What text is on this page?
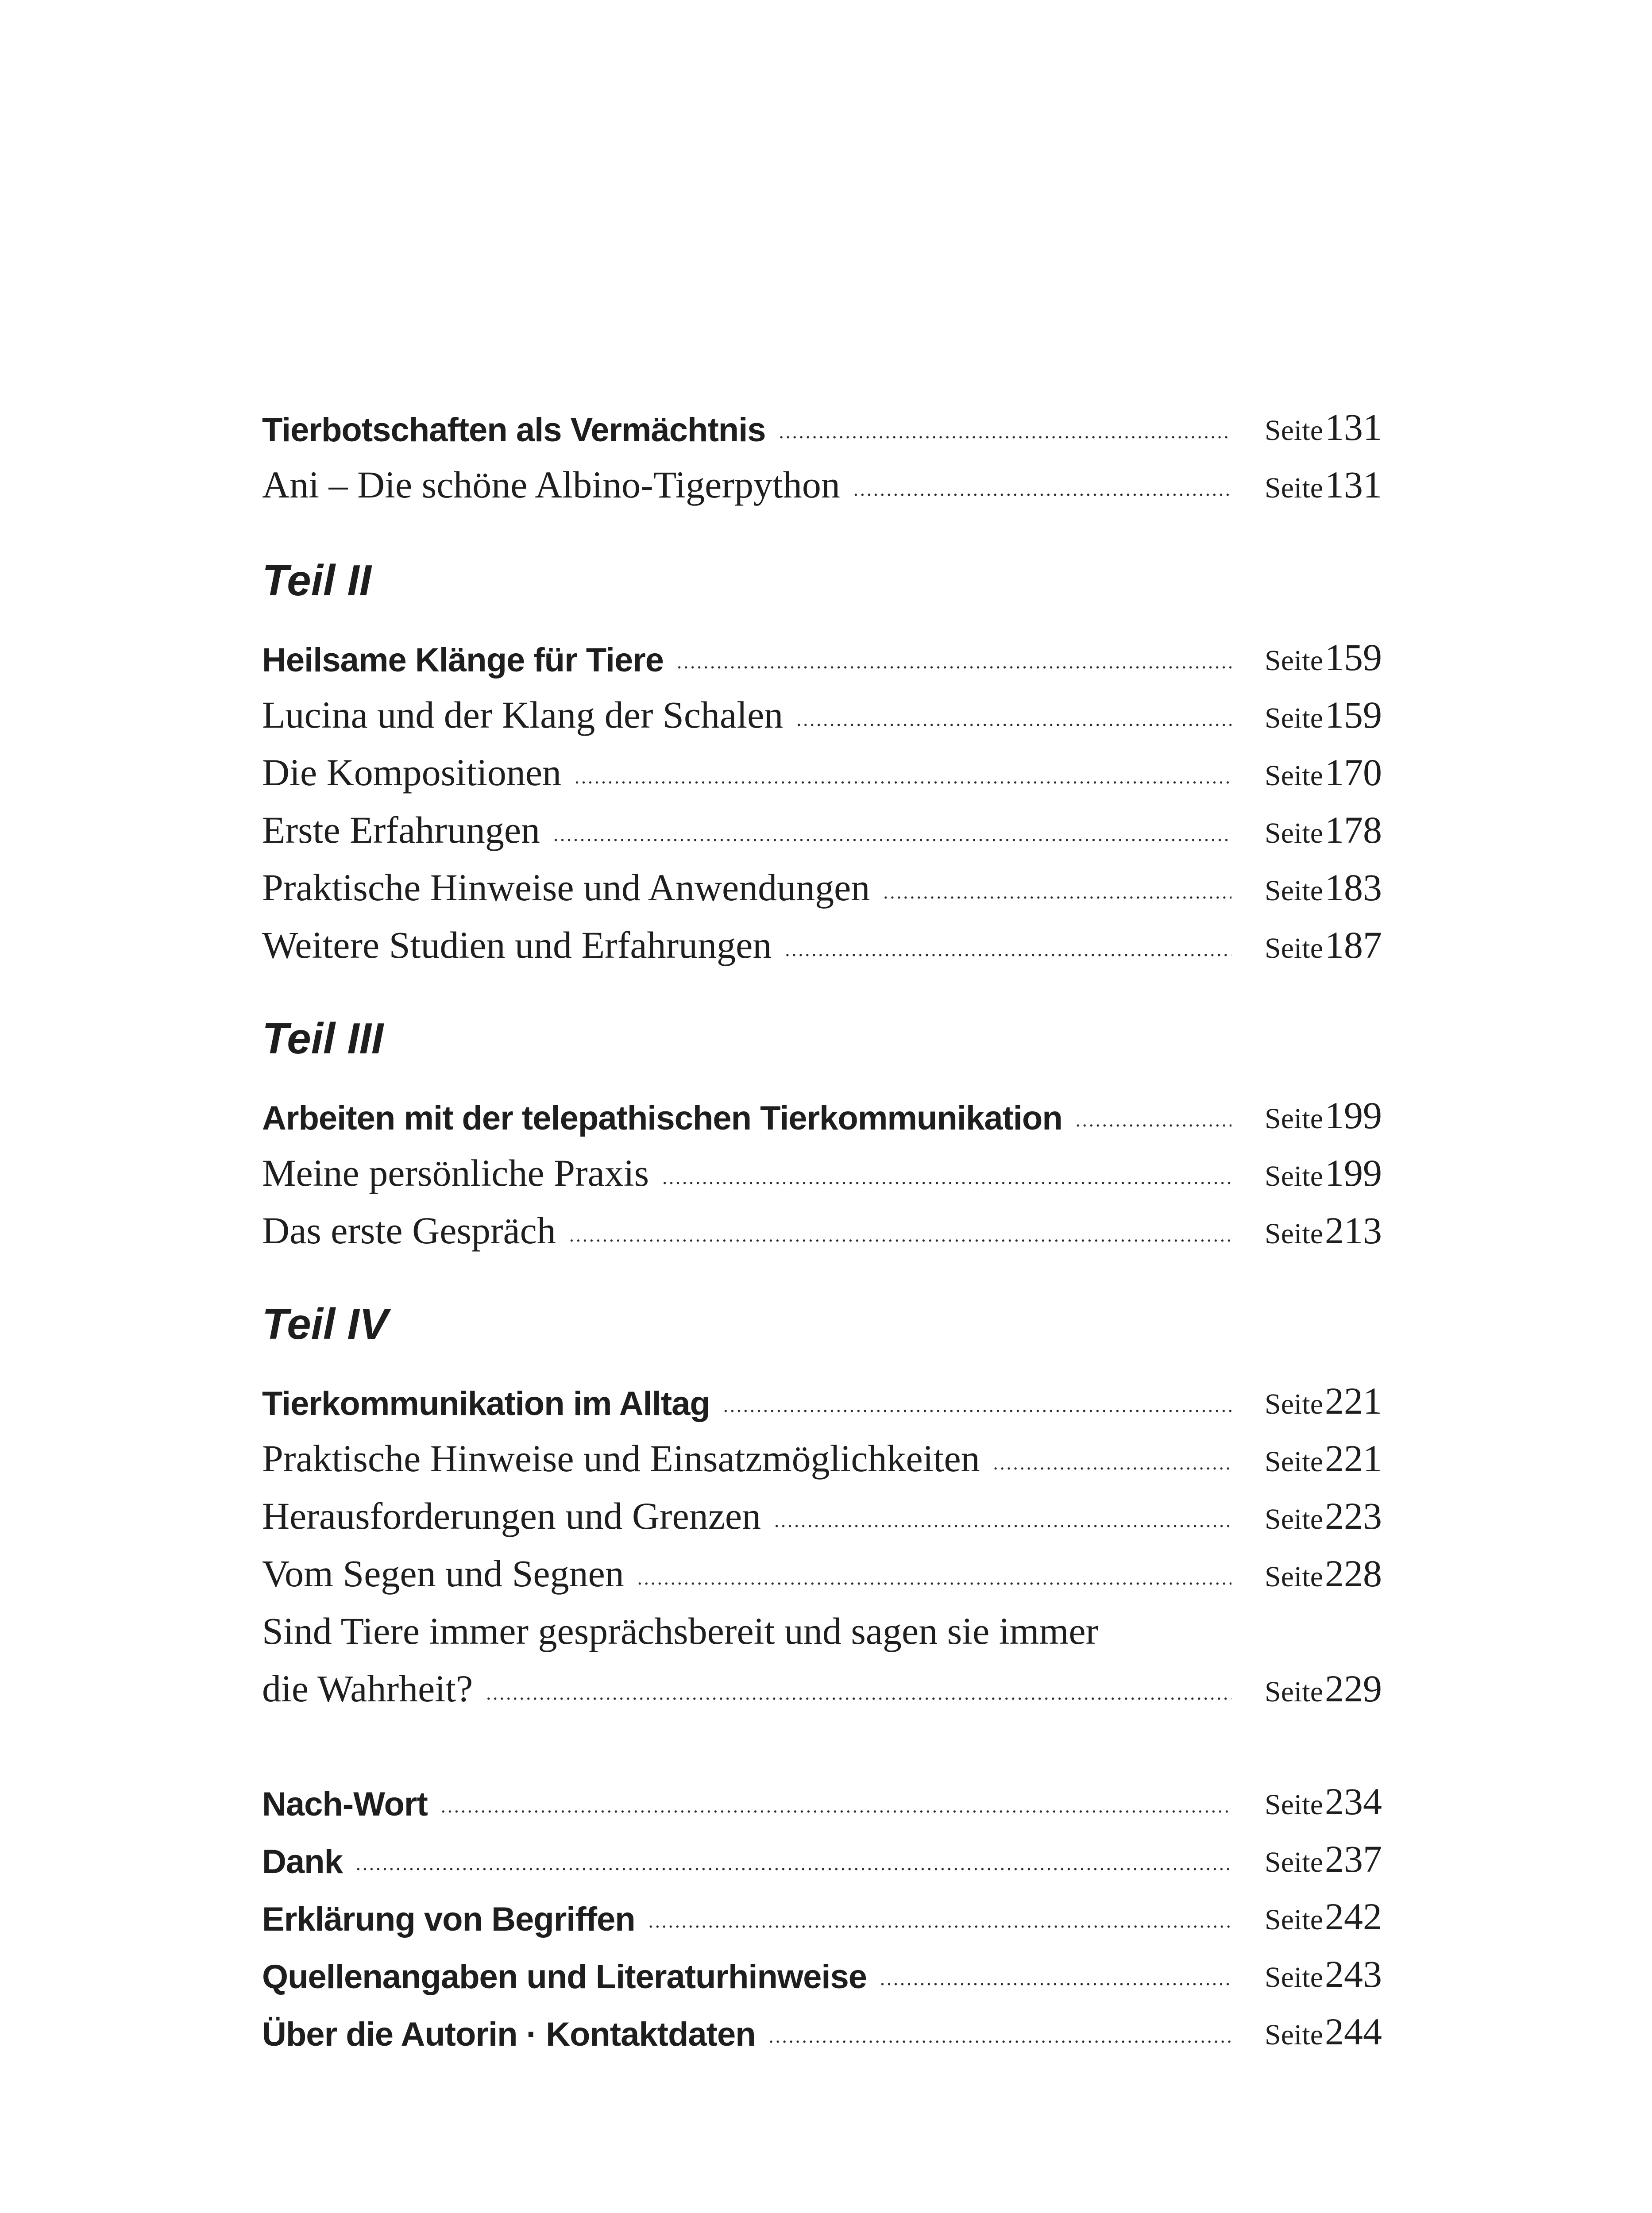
Tierbotschaften als Vermächtnis .....	Seite 131
Ani – Die schöne Albino-Tigerpython .....	Seite 131
Teil II
Heilsame Klänge für Tiere .....	Seite 159
Lucina und der Klang der Schalen .....	Seite 159
Die Kompositionen .....	Seite 170
Erste Erfahrungen .....	Seite 178
Praktische Hinweise und Anwendungen .....	Seite 183
Weitere Studien und Erfahrungen .....	Seite 187
Teil III
Arbeiten mit der telepathischen Tierkommunikation .....	Seite 199
Meine persönliche Praxis .....	Seite 199
Das erste Gespräch .....	Seite 213
Teil IV
Tierkommunikation im Alltag .....	Seite 221
Praktische Hinweise und Einsatzmöglichkeiten .....	Seite 221
Herausforderungen und Grenzen .....	Seite 223
Vom Segen und Segnen .....	Seite 228
Sind Tiere immer gesprächsbereit und sagen sie immer
die Wahrheit? .....	Seite 229
Nach-Wort .....	Seite 234
Dank .....	Seite 237
Erklärung von Begriffen .....	Seite 242
Quellenangaben und Literaturhinweise .....	Seite 243
Über die Autorin · Kontaktdaten .....	Seite 244
